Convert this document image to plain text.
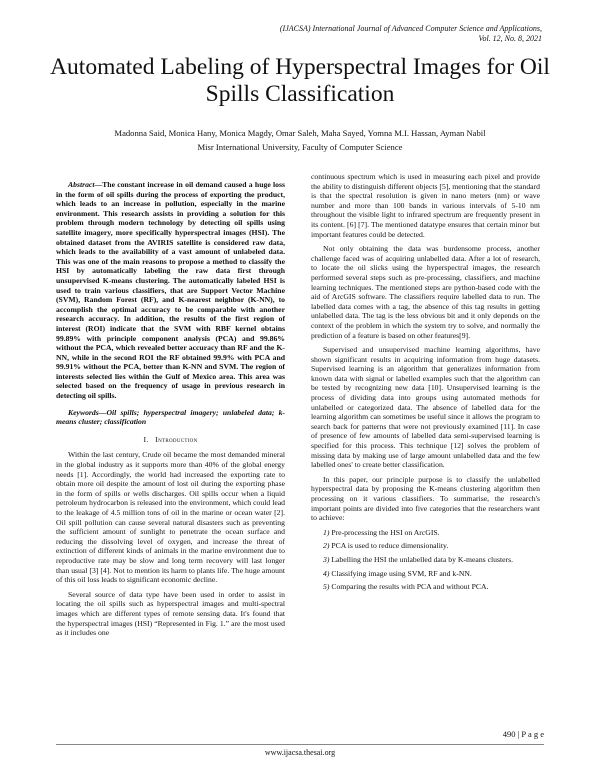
(IJACSA) International Journal of Advanced Computer Science and Applications,
Vol. 12, No. 8, 2021
Automated Labeling of Hyperspectral Images for Oil Spills Classification
Madonna Said, Monica Hany, Monica Magdy, Omar Saleh, Maha Sayed, Yomna M.I. Hassan, Ayman Nabil
Misr International University, Faculty of Computer Science

Abstract—The constant increase in oil demand caused a huge loss in the form of oil spills during the process of exporting the product, which leads to an increase in pollution, especially in the marine environment. This research assists in providing a solution for this problem through modern technology by detecting oil spills using satellite imagery, more specifically hyperspectral images (HSI). The obtained dataset from the AVIRIS satellite is considered raw data, which leads to the availability of a vast amount of unlabeled data. This was one of the main reasons to propose a method to classify the HSI by automatically labeling the raw data first through unsupervised K-means clustering. The automatically labeled HSI is used to train various classifiers, that are Support Vector Machine (SVM), Random Forest (RF), and K-nearest neighbor (K-NN), to accomplish the optimal accuracy to be comparable with another research accuracy. In addition, the results of the first region of interest (ROI) indicate that the SVM with RBF kernel obtains 99.89% with principle component analysis (PCA) and 99.86% without the PCA, which revealed better accuracy than RF and the K-NN, while in the second ROI the RF obtained 99.9% with PCA and 99.91% without the PCA, better than K-NN and SVM. The region of interests selected lies within the Gulf of Mexico area. This area was selected based on the frequency of usage in previous research in detecting oil spills.

Keywords—Oil spills; hyperspectral imagery; unlabeled data; k-means cluster; classification

I. Introduction

Within the last century, Crude oil became the most demanded mineral in the global industry as it supports more than 40% of the global energy needs [1]. Accordingly, the world had increased the exporting rate to obtain more oil despite the amount of lost oil during the exporting phase in the form of spills or wells discharges. Oil spills occur when a liquid petroleum hydrocarbon is released into the environment, which could lead to the leakage of 4.5 million tons of oil in the marine or ocean water [2]. Oil spill pollution can cause several natural disasters such as preventing the sufficient amount of sunlight to penetrate the ocean surface and reducing the dissolving level of oxygen, and increase the threat of extinction of different kinds of animals in the marine environment due to reproductive rate may be slow and long term recovery will last longer than usual [3] [4]. Not to mention its harm to plants life. The huge amount of this oil loss leads to significant economic decline.

Several source of data type have been used in order to assist in locating the oil spills such as hyperspectral images and multi-spectral images which are different types of remote sensing data. It's found that the hyperspectral images (HSI) “Represented in Fig. 1.” are the most used as it includes one

continuous spectrum which is used in measuring each pixel and provide the ability to distinguish different objects [5], mentioning that the standard is that the spectral resolution is given in nano meters (nm) or wave number and more than 100 bands in various intervals of 5-10 nm throughout the visible light to infrared spectrum are frequently present in its content. [6] [7]. The mentioned datatype ensures that certain minor but important features could be detected.

Not only obtaining the data was burdensome process, another challenge faced was of acquiring unlabelled data. After a lot of research, to locate the oil slicks using the hyperspectral images, the research performed several steps such as pre-processing, classifiers, and machine learning techniques. The mentioned steps are python-based code with the aid of ArcGIS software. The classifiers require labelled data to run. The labelled data comes with a tag, the absence of this tag results in getting unlabelled data. The tag is the less obvious bit and it only depends on the context of the problem in which the system try to solve, and normally the prediction of a feature is based on other features[9].

Supervised and unsupervised machine learning algorithms, have shown significant results in acquiring information from huge datasets. Supervised learning is an algorithm that generalizes information from known data with signal or labelled examples such that the algorithm can be tested by recognizing new data [10]. Unsupervised learning is the process of dividing data into groups using automated methods for unlabelled or categorized data. The absence of labelled data for the learning algorithm can sometimes be useful since it allows the program to search back for patterns that were not previously examined [11]. In case of presence of few amounts of labelled data semi-supervised learning is specified for this process. This technique [12] solves the problem of missing data by making use of large amount unlabelled data and the few labelled ones' to create better classification.

In this paper, our principle purpose is to classify the unlabelled hyperspectral data by proposing the K-means clustering algorithm then processing on it various classifiers. To summarise, the research's important points are divided into five categories that the researchers want to achieve:

1) Pre-processing the HSI on ArcGIS.
2) PCA is used to reduce dimensionality.
3) Labelling the HSI the unlabelled data by K-means clusters.
4) Classifying image using SVM, RF and k-NN.
5) Comparing the results with PCA and without PCA.
490 | P a g e
www.ijacsa.thesai.org
